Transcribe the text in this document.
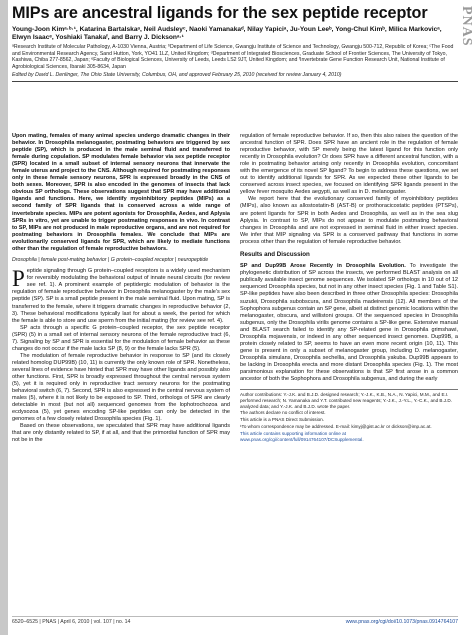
PNAS
MIPs are ancestral ligands for the sex peptide receptor
Young-Joon Kimᵃ·ᵇ·¹, Katarina Bartalskaᵃ, Neil Audsleyᶜ, Naoki Yamanakaᵈ, Nilay Yapiciᵃ, Ju-Youn Leeᵇ, Yong-Chul Kimᵇ, Milica Markovicᵃ, Elwyn Isaacᵉ, Yoshiaki Tanakaᶠ, and Barry J. Dicksonᵃ·¹
ᵃResearch Institute of Molecular Pathology, A-1030 Vienna, Austria; ᵇDepartment of Life Science, Gwangju Institute of Science and Technology, Gwangju 500-712, Republic of Korea; ᶜThe Food and Environmental Research Agency, Sand Hutton, York, YO41 1LZ, United Kingdom; ᵈDepartment of Integrated Biosciences, Graduate School of Frontier Sciences, The University of Tokyo, Kashiwa, Chiba 277-8562, Japan; ᵉFaculty of Biological Sciences, University of Leeds, Leeds LS2 9JT, United Kingdom; and ᶠInvertebrate Gene Function Research Unit, National Institute of Agrobiological Sciences, Ibaraki 305-8634, Japan
Edited by David L. Denlinger, The Ohio State University, Columbus, OH, and approved February 25, 2010 (received for review January 4, 2010)
Upon mating, females of many animal species undergo dramatic changes in their behavior. In Drosophila melanogaster, postmating behaviors are triggered by sex peptide (SP), which is produced in the male seminal fluid and transferred to female during copulation. SP modulates female behavior via sex peptide receptor (SPR) located in a small subset of internal sensory neurons that innervate the female uterus and project to the CNS. Although required for postmating responses only in these female sensory neurons, SPR is expressed broadly in the CNS of both sexes. Moreover, SPR is also encoded in the genomes of insects that lack obvious SP orthologs. These observations suggest that SPR may have additional ligands and functions. Here, we identify myoinhibitory peptides (MIPs) as a second family of SPR ligands that is conserved across a wide range of invertebrate species. MIPs are potent agonists for Drosophila, Aedes, and Aplysia SPRs in vitro, yet are unable to trigger postmating responses in vivo. In contrast to SP, MIPs are not produced in male reproductive organs, and are not required for postmating behaviors in Drosophila females. We conclude that MIPs are evolutionarily conserved ligands for SPR, which are likely to mediate functions other than the regulation of female reproductive behaviors.
Drosophila | female post-mating behavior | G protein–coupled receptor | neuropeptide

Peptide signaling through G protein–coupled receptors is a widely used mechanism for reversibly modulating the behavioral output of innate neural circuits (for review see ref. 1). A prominent example of peptidergic modulation of behavior is the regulation of female reproductive behavior in Drosophila melanogaster by the male's sex peptide (SP). SP is a small peptide present in the male seminal fluid. Upon mating, SP is transferred to the female, where it triggers dramatic changes in reproductive behavior (2, 3). These behavioral modifications typically last for about a week, the period for which the female is able to store and use sperm from the initial mating (for review see ref. 4).

SP acts through a specific G protein–coupled receptor, the sex peptide receptor (SPR) (5) in a small set of internal sensory neurons of the female reproductive tract (6, 7). Signaling by SP and SPR is essential for the modulation of female behavior as these changes do not occur if the male lacks SP (8, 9) or the female lacks SPR (5).

The modulation of female reproductive behavior in response to SP (and its closely related homolog DUP99B) (10, 11) is currently the only known role of SPR. Nonetheless, several lines of evidence have hinted that SPR may have other ligands and possibly also other functions. First, SPR is broadly expressed throughout the central nervous system (5), yet it is required only in reproductive tract sensory neurons for the postmating behavioral switch (6, 7). Second, SPR is also expressed in the central nervous system of males (5), where it is not likely to be exposed to SP. Third, orthologs of SPR are clearly detectable in most (but not all) sequenced genomes from the lophotrochozoa and ecdysozoa (5), yet genes encoding SP-like peptides can only be detected in the genomes of a few closely related Drosophila species (Fig. 1).

Based on these observations, we speculated that SPR may have additional ligands that are only distantly related to SP, if at all, and that the primordial function of SPR may not be in the

regulation of female reproductive behavior. If so, then this also raises the question of the ancestral function of SPR. Does SPR have an ancient role in the regulation of female reproductive behavior, with SP merely being the latest ligand for this function only recently in Drosophila evolution? Or does SPR have a different ancestral function, with a role in postmating behavior arising only recently in Drosophila evolution, concomitant with the emergence of its novel SP ligand? To begin to address these questions, we set out to identify additional ligands for SPR. As we expected these other ligands to be conserved across insect species, we focused on identifying SPR ligands present in the yellow fever mosquito Aedes aegypti, as well as in D. melanogaster.

We report here that the evolutionary conserved family of myoinhibitory peptides (MIPs), also known as allostostatin-B (AST-B) or prothoracicostatic peptides (PTSPs), are potent ligands for SPR in both Aedes and Drosophila, as well as in the sea slug Aplysia. In contrast to SP, MIPs do not appear to modulate postmating behavioral changes in Drosophila and are not expressed in seminal fluid in either insect species. We infer that MIP signaling via SPR is a conserved pathway that functions in some process other than the regulation of female reproductive behavior.

Results and Discussion

SP and Dup99B Arose Recently in Drosophila Evolution. To investigate the phylogenetic distribution of SP across the insects, we performed BLAST analysis on all publically available insect genome sequences. We isolated SP orthologs in 10 out of 12 sequenced Drosophila species, but not in any other insect species (Fig. 1 and Table S1). SP-like peptides have also been described in three other Drosophila species: Drosophila suzukii, Drosophila subobscura, and Drosophila madeirensis (12). All members of the Sophophora subgenus contain an SP gene, albeit at distinct genomic locations within the melanogaster, obscura, and willistoni groups. Of the sequenced species in Drosophila subgenus, only the Drosophila virilis genome contains a SP-like gene. Extensive manual and BLAST search failed to identify any SP-related gene in Drosophila grimshawi, Drosophila mojavensis, or indeed in any other sequenced insect genomes. Dup99B, a protein closely related to SP, seems to have an even more recent origin (10, 11). This gene is present in only a subset of melanogaster group, including D. melanogaster, Drosophila simulans, Drosophila sechellia, and Drosophila yakuba. Dup99B appears to be lacking in Drosophila erecta and more distant Drosophila species (Fig. 1). The most parsimonious explanation for these observations is that SP first arose in a common ancestor of both the Sophophora and Drosophila subgenus, and during the early

Author contributions: Y.-J.K. and B.J.D. designed research; Y.-J.K., K.B., N.A., N. Yapici, M.M., and E.I. performed research; N. Yamanaka and Y.T. contributed new reagents; Y.-J.K., J.-Y.L., Y.-C.K., and B.J.D. analyzed data; and Y.-J.K. and B.J.D. wrote the paper.

The authors declare no conflict of interest.

This article is a PNAS Direct Submission.

¹To whom correspondence may be addressed. E-mail: kimyj@gist.ac.kr or dickson@imp.ac.at.

This article contains supporting information online at www.pnas.org/cgi/content/full/0914764107/DCSupplemental.

6520–6525 | PNAS | April 6, 2010 | vol. 107 | no. 14	www.pnas.org/cgi/doi/10.1073/pnas.0914764107
